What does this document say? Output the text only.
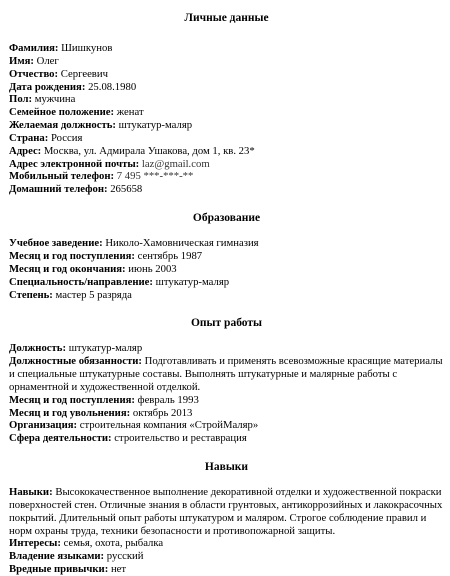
Личные данные
Фамилия: Шишкунов
Имя: Олег
Отчество: Сергеевич
Дата рождения: 25.08.1980
Пол: мужчина
Семейное положение: женат
Желаемая должность: штукатур-маляр
Страна: Россия
Адрес: Москва, ул. Адмирала Ушакова, дом 1, кв. 23*
Адрес электронной почты: laz@gmail.com
Мобильный телефон: 7 495 ***-***-**
Домашний телефон: 265658
Образование
Учебное заведение: Николо-Хамовническая гимназия
Месяц и год поступления: сентябрь 1987
Месяц и год окончания: июнь 2003
Специальность/направление: штукатур-маляр
Степень: мастер 5 разряда
Опыт работы
Должность: штукатур-маляр
Должностные обязанности: Подготавливать и применять всевозможные красящие материалы и специальные штукатурные составы. Выполнять штукатурные и малярные работы с орнаментной и художественной отделкой.
Месяц и год поступления: февраль 1993
Месяц и год увольнения: октябрь 2013
Организация: строительная компания «СтройМаляр»
Сфера деятельности: строительство и реставрация
Навыки
Навыки: Высококачественное выполнение декоративной отделки и художественной покраски поверхностей стен. Отличные знания в области грунтовых, антикоррозийных и лакокрасочных покрытий. Длительный опыт работы штукатуром и маляром. Строгое соблюдение правил и норм охраны труда, техники безопасности и противопожарной защиты.
Интересы: семья, охота, рыбалка
Владение языками: русский
Вредные привычки: нет
